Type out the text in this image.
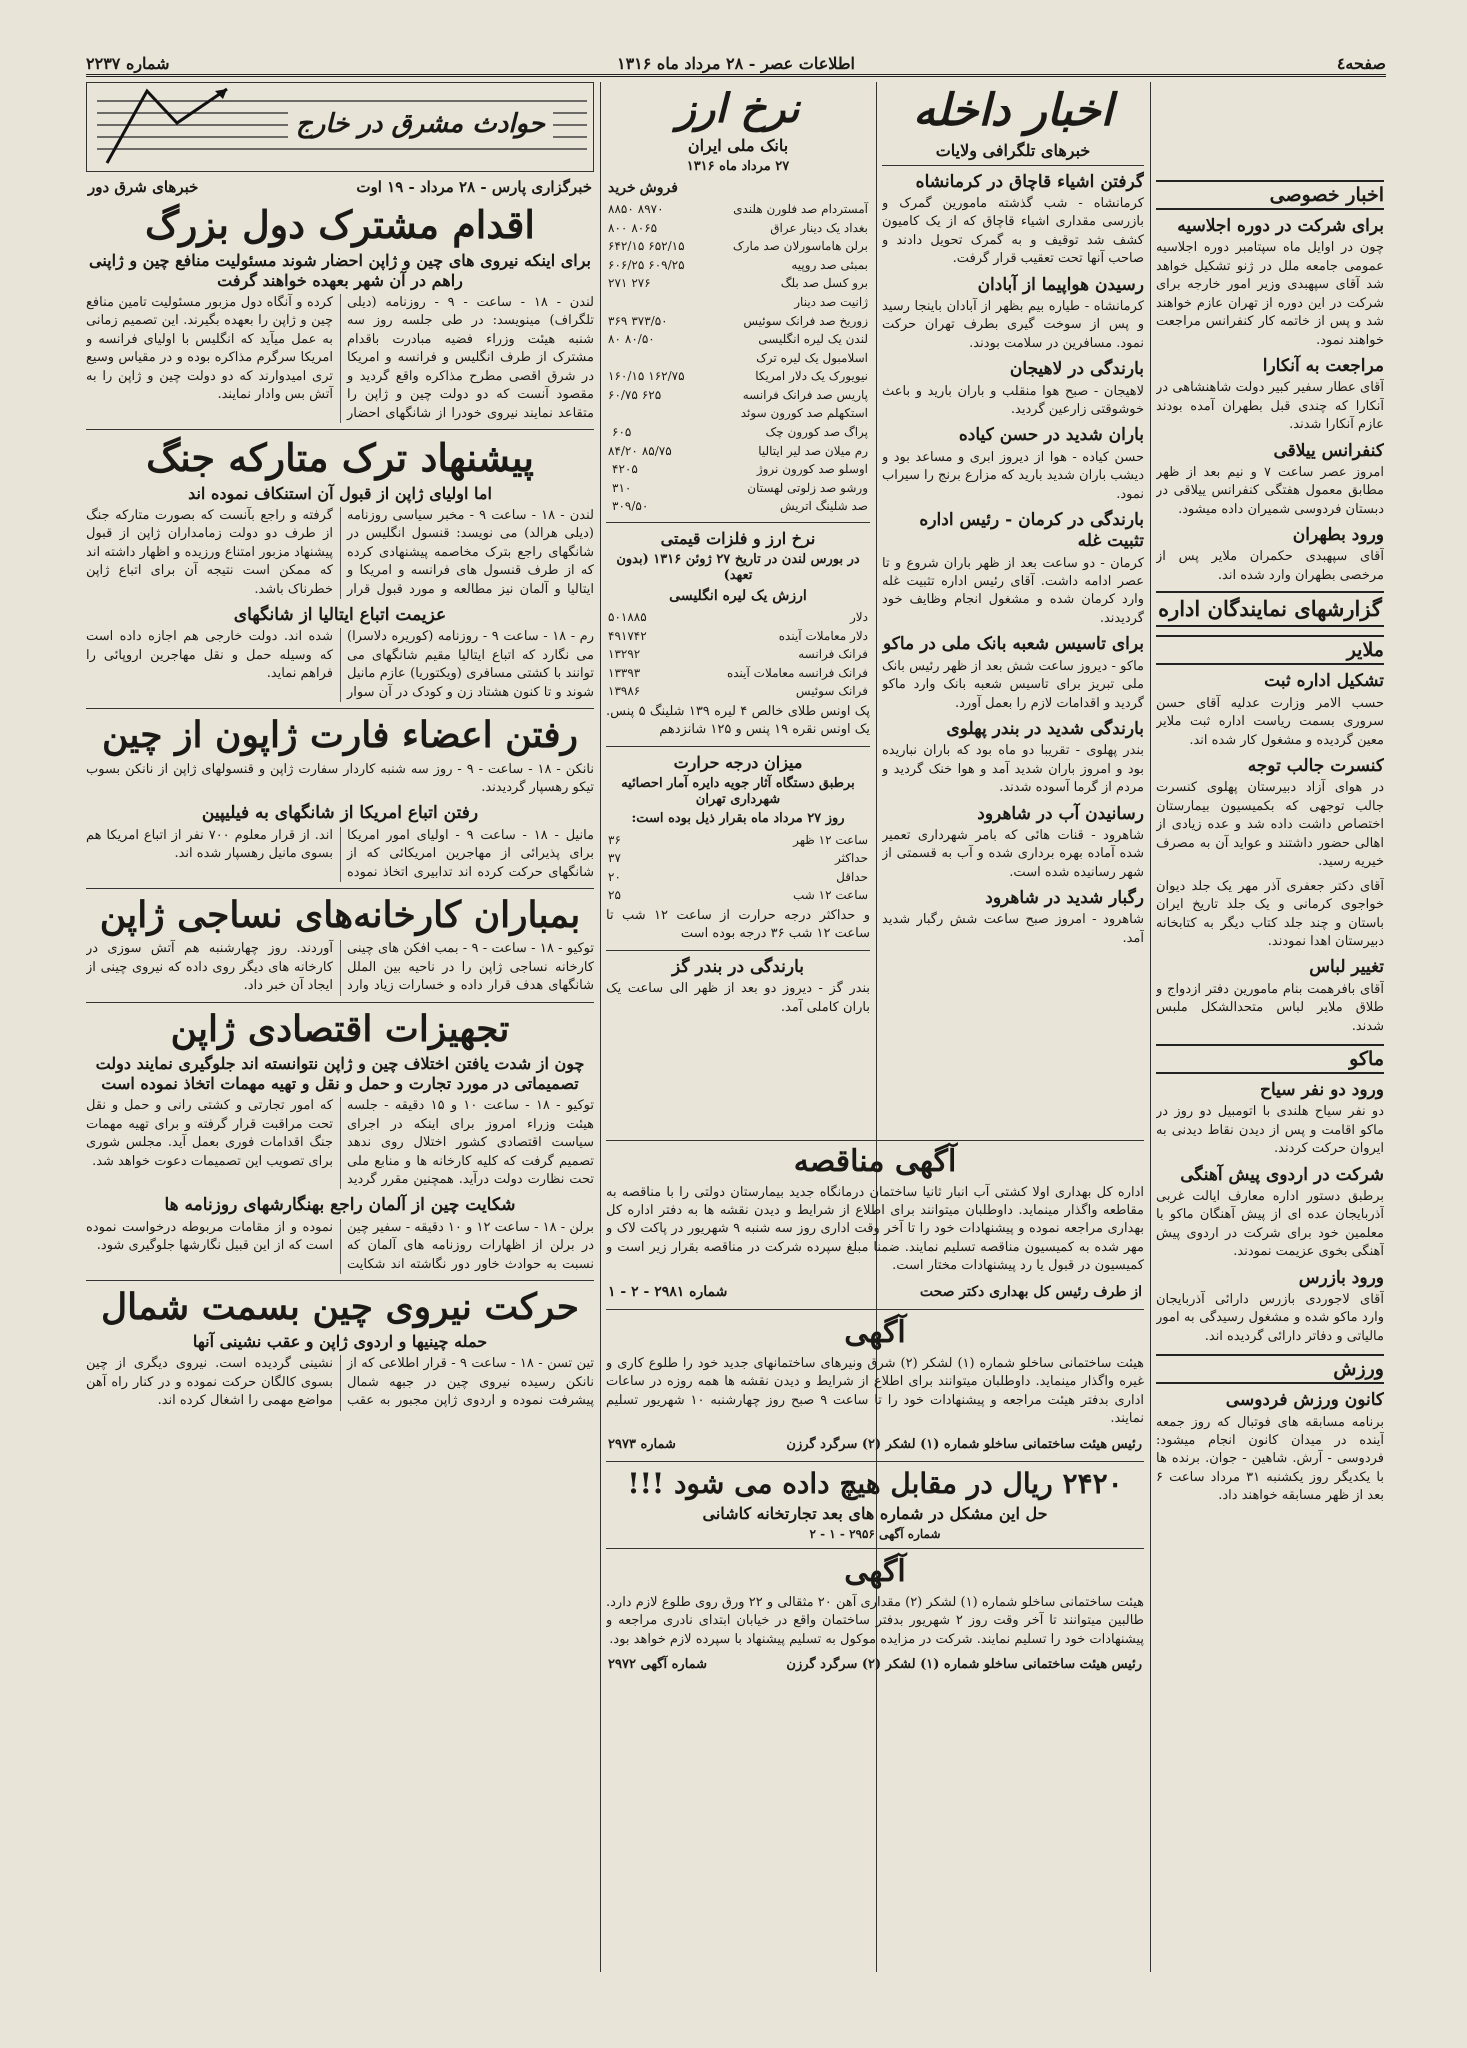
صفحه٤
اطلاعات عصر - ۲۸ مرداد ماه ۱۳۱۶
شماره ۲۲۳۷
اخبار خصوصی
برای شرکت در دوره اجلاسیه
چون در اوایل ماه سپتامبر دوره اجلاسیه عمومی جامعه ملل در ژنو تشکیل خواهد شد آقای سپهبدی وزیر امور خارجه برای شرکت در این دوره از تهران عازم خواهند شد و پس از خاتمه کار کنفرانس مراجعت خواهند نمود.
مراجعت به آنکارا
آقای عطار سفیر کبیر دولت شاهنشاهی در آنکارا که چندی قبل بطهران آمده بودند عازم آنکارا شدند.
کنفرانس ییلاقی
امروز عصر ساعت ۷ و نیم بعد از ظهر مطابق معمول هفتگی کنفرانس ییلاقی در دبستان فردوسی شمیران داده میشود.
ورود بطهران
آقای سپهبدی حکمران ملایر پس از مرخصی بطهران وارد شده اند.
گزارشهای نمایندگان اداره
ملایر
تشکیل اداره ثبت
حسب الامر وزارت عدلیه آقای حسن سروری بسمت ریاست اداره ثبت ملایر معین گردیده و مشغول کار شده اند.
کنسرت جالب توجه
در هوای آزاد دبیرستان پهلوی کنسرت جالب توجهی که بکمیسیون بیمارستان اختصاص داشت داده شد و عده زیادی از اهالی حضور داشتند و عواید آن به مصرف خیریه رسید.
آقای دکتر جعفری آذر مهر یک جلد دیوان خواجوی کرمانی و یک جلد تاریخ ایران باستان و چند جلد کتاب دیگر به کتابخانه دبیرستان اهدا نمودند.
تغییر لباس
آقای بافرهمت بنام مامورین دفتر ازدواج و طلاق ملایر لباس متحدالشکل ملبس شدند.
ماکو
ورود دو نفر سیاح
دو نفر سیاح هلندی با اتومبیل دو روز در ماکو اقامت و پس از دیدن نقاط دیدنی به ایروان حرکت کردند.
شرکت در اردوی پیش آهنگی
برطبق دستور اداره معارف ایالت غربی آذربایجان عده ای از پیش آهنگان ماکو با معلمین خود برای شرکت در اردوی پیش آهنگی بخوی عزیمت نمودند.
ورود بازرس
آقای لاجوردی بازرس دارائی آذربایجان وارد ماکو شده و مشغول رسیدگی به امور مالیاتی و دفاتر دارائی گردیده اند.
ورزش
کانون ورزش فردوسی
برنامه مسابقه های فوتبال که روز جمعه آینده در میدان کانون انجام میشود: فردوسی - آرش. شاهین - جوان. برنده ها با یکدیگر روز یکشنبه ۳۱ مرداد ساعت ۶ بعد از ظهر مسابقه خواهند داد.
اخبار داخله
خبرهای تلگرافی ولایات
گرفتن اشیاء قاچاق در کرمانشاه
کرمانشاه - شب گذشته مامورین گمرک و بازرسی مقداری اشیاء قاچاق که از یک کامیون کشف شد توقیف و به گمرک تحویل دادند و صاحب آنها تحت تعقیب قرار گرفت.
رسیدن هواپیما از آبادان
کرمانشاه - طیاره بیم بظهر از آبادان باینجا رسید و پس از سوخت گیری بطرف تهران حرکت نمود. مسافرین در سلامت بودند.
بارندگی در لاهیجان
لاهیجان - صبح هوا منقلب و باران بارید و باعث خوشوقتی زارعین گردید.
باران شدید در حسن کیاده
حسن کیاده - هوا از دیروز ابری و مساعد بود و دیشب باران شدید بارید که مزارع برنج را سیراب نمود.
بارندگی در کرمان - رئیس اداره تثبیت غله
کرمان - دو ساعت بعد از ظهر باران شروع و تا عصر ادامه داشت. آقای رئیس اداره تثبیت غله وارد کرمان شده و مشغول انجام وظایف خود گردیدند.
برای تاسیس شعبه بانک ملی در ماکو
ماکو - دیروز ساعت شش بعد از ظهر رئیس بانک ملی تبریز برای تاسیس شعبه بانک وارد ماکو گردید و اقدامات لازم را بعمل آورد.
بارندگی شدید در بندر پهلوی
بندر پهلوی - تقریبا دو ماه بود که باران نباریده بود و امروز باران شدید آمد و هوا خنک گردید و مردم از گرما آسوده شدند.
رسانیدن آب در شاهرود
شاهرود - قنات هائی که بامر شهرداری تعمیر شده آماده بهره برداری شده و آب به قسمتی از شهر رسانیده شده است.
رگبار شدید در شاهرود
شاهرود - امروز صبح ساعت شش رگبار شدید آمد.
نرخ ارز
بانک ملی ایران
۲۷ مرداد ماه ۱۳۱۶
فروش
خرید
آمستردام صد فلورن هلندی
۸۹۷۰
۸۸۵۰
بغداد یک دینار عراق
۸۰۶۵
۸۰۰
برلن هاماسورلان صد مارک
۶۵۲/۱۵
۶۴۲/۱۵
بمبئی صد روپیه
۶۰۹/۲۵
۶۰۶/۲۵
برو کسل صد بلگ
۲۷۶
۲۷۱
ژانیت صد دینار
زوریخ صد فرانک سوئیس
۳۷۳/۵۰
۳۶۹
لندن یک لیره انگلیسی
۸۰/۵۰
۸۰
اسلامبول یک لیره ترک
نیویورک یک دلار امریکا
۱۶۲/۷۵
۱۶۰/۱۵
پاریس صد فرانک فرانسه
۶۲۵
۶۰/۷۵
استکهلم صد کورون سوئد
پراگ صد کورون چک
۶۰۵
رم میلان صد لیر ایتالیا
۸۵/۷۵
۸۴/۲۰
اوسلو صد کورون نروژ
۴۲۰۵
ورشو صد زلوتی لهستان
۳۱۰
صد شلینگ اتریش
۳۰۹/۵۰
نرخ ارز و فلزات قیمتی
در بورس لندن در تاریخ ۲۷ ژوئن ۱۳۱۶ (بدون تعهد)
ارزش یک لیره انگلیسی
دلار
۵۰۱۸۸۵
دلار معاملات آینده
۴۹۱۷۴۲
فرانک فرانسه
۱۳۲۹۲
فرانک فرانسه معاملات آینده
۱۳۳۹۳
فرانک سوئیس
۱۳۹۸۶
پک اونس طلای خالص ۴ لیره ۱۳۹ شلینگ ۵ پنس. یک اونس نقره ۱۹ پنس و ۱۲۵ شانزدهم
میزان درجه حرارت
برطبق دستگاه آثار جویه دایره آمار احصائیه شهرداری تهران
روز ۲۷ مرداد ماه بقرار ذیل بوده است:
ساعت ۱۲ ظهر
۳۶
حداکثر
۳۷
حداقل
۲۰
ساعت ۱۲ شب
۲۵
و حداکثر درجه حرارت از ساعت ۱۲ شب تا ساعت ۱۲ شب ۳۶ درجه بوده است
بارندگی در بندر گز
بندر گز - دیروز دو بعد از ظهر الی ساعت یک باران کاملی آمد.
آگهی مناقصه
اداره کل بهداری اولا کشتی آب انبار ثانیا ساختمان درمانگاه جدید بیمارستان دولتی را با مناقصه به مقاطعه واگذار مینماید. داوطلبان میتوانند برای اطلاع از شرایط و دیدن نقشه ها به دفتر اداره کل بهداری مراجعه نموده و پیشنهادات خود را تا آخر وقت اداری روز سه شنبه ۹ شهریور در پاکت لاک و مهر شده به کمیسیون مناقصه تسلیم نمایند. ضمنا مبلغ سپرده شرکت در مناقصه بقرار زیر است و کمیسیون در قبول یا رد پیشنهادات مختار است.
از طرف رئیس کل بهداری دکتر صحت
شماره ۲۹۸۱ - ۲ - ۱
آگهی
هیئت ساختمانی ساخلو شماره (۱) لشکر (۲) شرق ونیرهای ساختمانهای جدید خود را طلوع کاری و غیره واگذار مینماید. داوطلبان میتوانند برای اطلاع از شرایط و دیدن نقشه ها همه روزه در ساعات اداری بدفتر هیئت مراجعه و پیشنهادات خود را تا ساعت ۹ صبح روز چهارشنبه ۱۰ شهریور تسلیم نمایند.
رئیس هیئت ساختمانی ساخلو شماره (۱) لشکر (۲) سرگرد گرزن
شماره ۲۹۷۳
۲۴۲۰ ریال در مقابل هیچ داده می شود !!!
حل این مشکل در شماره های بعد تجارتخانه کاشانی
شماره آگهی ۲۹۵۶ - ۱ - ۲
آگهی
هیئت ساختمانی ساخلو شماره (۱) لشکر (۲) مقداری آهن ۲۰ مثقالی و ۲۲ ورق روی طلوع لازم دارد. طالبین میتوانند تا آخر وقت روز ۲ شهریور بدفتر ساختمان واقع در خیابان ابتدای نادری مراجعه و پیشنهادات خود را تسلیم نمایند. شرکت در مزایده موکول به تسلیم پیشنهاد با سپرده لازم خواهد بود.
رئیس هیئت ساختمانی ساخلو شماره (۱) لشکر (۲) سرگرد گرزن
شماره آگهی ۲۹۷۲
حوادث مشرق در خارج
خبرگزاری پارس - ۲۸ مرداد - ۱۹ اوت
خبرهای شرق دور
اقدام مشترک دول بزرگ
برای اینکه نیروی های چین و ژاپن احضار شوند مسئولیت منافع چین و ژاپنی راهم در آن شهر بعهده خواهند گرفت
لندن - ۱۸ - ساعت - ۹ - روزنامه (دیلی تلگراف) مینویسد: در طی جلسه روز سه شنبه هیئت وزراء فضیه مبادرت باقدام مشترک از طرف انگلیس و فرانسه و امریکا در شرق اقصی مطرح مذاکره واقع گردید و مقصود آنست که دو دولت چین و ژاپن را متقاعد نمایند نیروی خودرا از شانگهای احضار کرده و آنگاه دول مزبور مسئولیت تامین منافع چین و ژاپن را بعهده بگیرند. این تصمیم زمانی به عمل میآید که انگلیس با اولیای فرانسه و امریکا سرگرم مذاکره بوده و در مقیاس وسیع تری امیدوارند که دو دولت چین و ژاپن را به آتش بس وادار نمایند.
پیشنهاد ترک متارکه جنگ
اما اولیای ژاپن از قبول آن استنکاف نموده اند
لندن - ۱۸ - ساعت ۹ - مخبر سیاسی روزنامه (دیلی هرالد) می نویسد: قنسول انگلیس در شانگهای راجع بترک مخاصمه پیشنهادی کرده که از طرف قنسول های فرانسه و امریکا و ایتالیا و آلمان نیز مطالعه و مورد قبول قرار گرفته و راجع بآنست که بصورت متارکه جنگ از طرف دو دولت زمامداران ژاپن از قبول پیشنهاد مزبور امتناع ورزیده و اظهار داشته اند که ممکن است نتیجه آن برای اتباع ژاپن خطرناک باشد.
عزیمت اتباع ایتالیا از شانگهای
رم - ۱۸ - ساعت ۹ - روزنامه (کوریره دلاسرا) می نگارد که اتباع ایتالیا مقیم شانگهای می توانند با کشتی مسافری (ویکتوریا) عازم مانیل شوند و تا کنون هشتاد زن و کودک در آن سوار شده اند. دولت خارجی هم اجازه داده است که وسیله حمل و نقل مهاجرین اروپائی را فراهم نماید.
رفتن اعضاء فارت ژاپون از چین
نانکن - ۱۸ - ساعت - ۹ - روز سه شنبه کاردار سفارت ژاپن و قنسولهای ژاپن از نانکن بسوب تیکو رهسپار گردیدند.
رفتن اتباع امریکا از شانگهای به فیلیپین
مانیل - ۱۸ - ساعت ۹ - اولیای امور امریکا برای پذیرائی از مهاجرین امریکائی که از شانگهای حرکت کرده اند تدابیری اتخاذ نموده اند. از قرار معلوم ۷۰۰ نفر از اتباع امریکا هم بسوی مانیل رهسپار شده اند.
بمباران کارخانه‌های نساجی ژاپن
توکیو - ۱۸ - ساعت - ۹ - بمب افکن های چینی کارخانه نساجی ژاپن را در ناحیه بین الملل شانگهای هدف قرار داده و خسارات زیاد وارد آوردند. روز چهارشنبه هم آتش سوزی در کارخانه های دیگر روی داده که نیروی چینی از ایجاد آن خبر داد.
تجهیزات اقتصادی ژاپن
چون از شدت یافتن اختلاف چین و ژاپن نتوانسته اند جلوگیری نمایند دولت تصمیماتی در مورد تجارت و حمل و نقل و تهیه مهمات اتخاذ نموده است
توکیو - ۱۸ - ساعت ۱۰ و ۱۵ دقیقه - جلسه هیئت وزراء امروز برای اینکه در اجرای سیاست اقتصادی کشور اختلال روی ندهد تصمیم گرفت که کلیه کارخانه ها و منابع ملی تحت نظارت دولت درآید. همچنین مقرر گردید که امور تجارتی و کشتی رانی و حمل و نقل تحت مراقبت قرار گرفته و برای تهیه مهمات جنگ اقدامات فوری بعمل آید. مجلس شوری برای تصویب این تصمیمات دعوت خواهد شد.
شکایت چین از آلمان راجع بهنگارشهای روزنامه ها
برلن - ۱۸ - ساعت ۱۲ و ۱۰ دقیقه - سفیر چین در برلن از اظهارات روزنامه های آلمان که نسبت به حوادث خاور دور نگاشته اند شکایت نموده و از مقامات مربوطه درخواست نموده است که از این قبیل نگارشها جلوگیری شود.
حرکت نیروی چین بسمت شمال
حمله چینیها و اردوی ژاپن و عقب نشینی آنها
تین تسن - ۱۸ - ساعت ۹ - قرار اطلاعی که از نانکن رسیده نیروی چین در جبهه شمال پیشرفت نموده و اردوی ژاپن مجبور به عقب نشینی گردیده است. نیروی دیگری از چین بسوی کالگان حرکت نموده و در کنار راه آهن مواضع مهمی را اشغال کرده اند.
